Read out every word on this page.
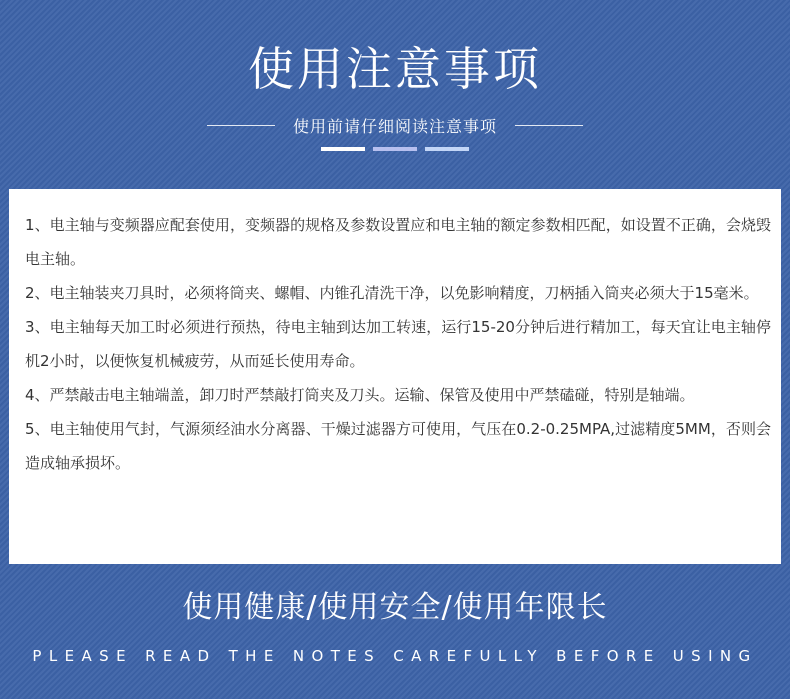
使用注意事项
使用前请仔细阅读注意事项
1、电主轴与变频器应配套使用，变频器的规格及参数设置应和电主轴的额定参数相匹配，如设置不正确，会烧毁电主轴。
2、电主轴装夹刀具时，必须将筒夹、螺帽、内锥孔清洗干净，以免影响精度，刀柄插入筒夹必须大于15毫米。
3、电主轴每天加工时必须进行预热，待电主轴到达加工转速，运行15-20分钟后进行精加工，每天宜让电主轴停机2小时，以便恢复机械疲劳，从而延长使用寿命。
4、严禁敲击电主轴端盖，卸刀时严禁敲打筒夹及刀头。运输、保管及使用中严禁磕碰，特别是轴端。
5、电主轴使用气封，气源须经油水分离器、干燥过滤器方可使用，气压在0.2-0.25MPA,过滤精度5MM，否则会造成轴承损坏。
使用健康/使用安全/使用年限长
PLEASE READ THE NOTES CAREFULLY BEFORE USING
